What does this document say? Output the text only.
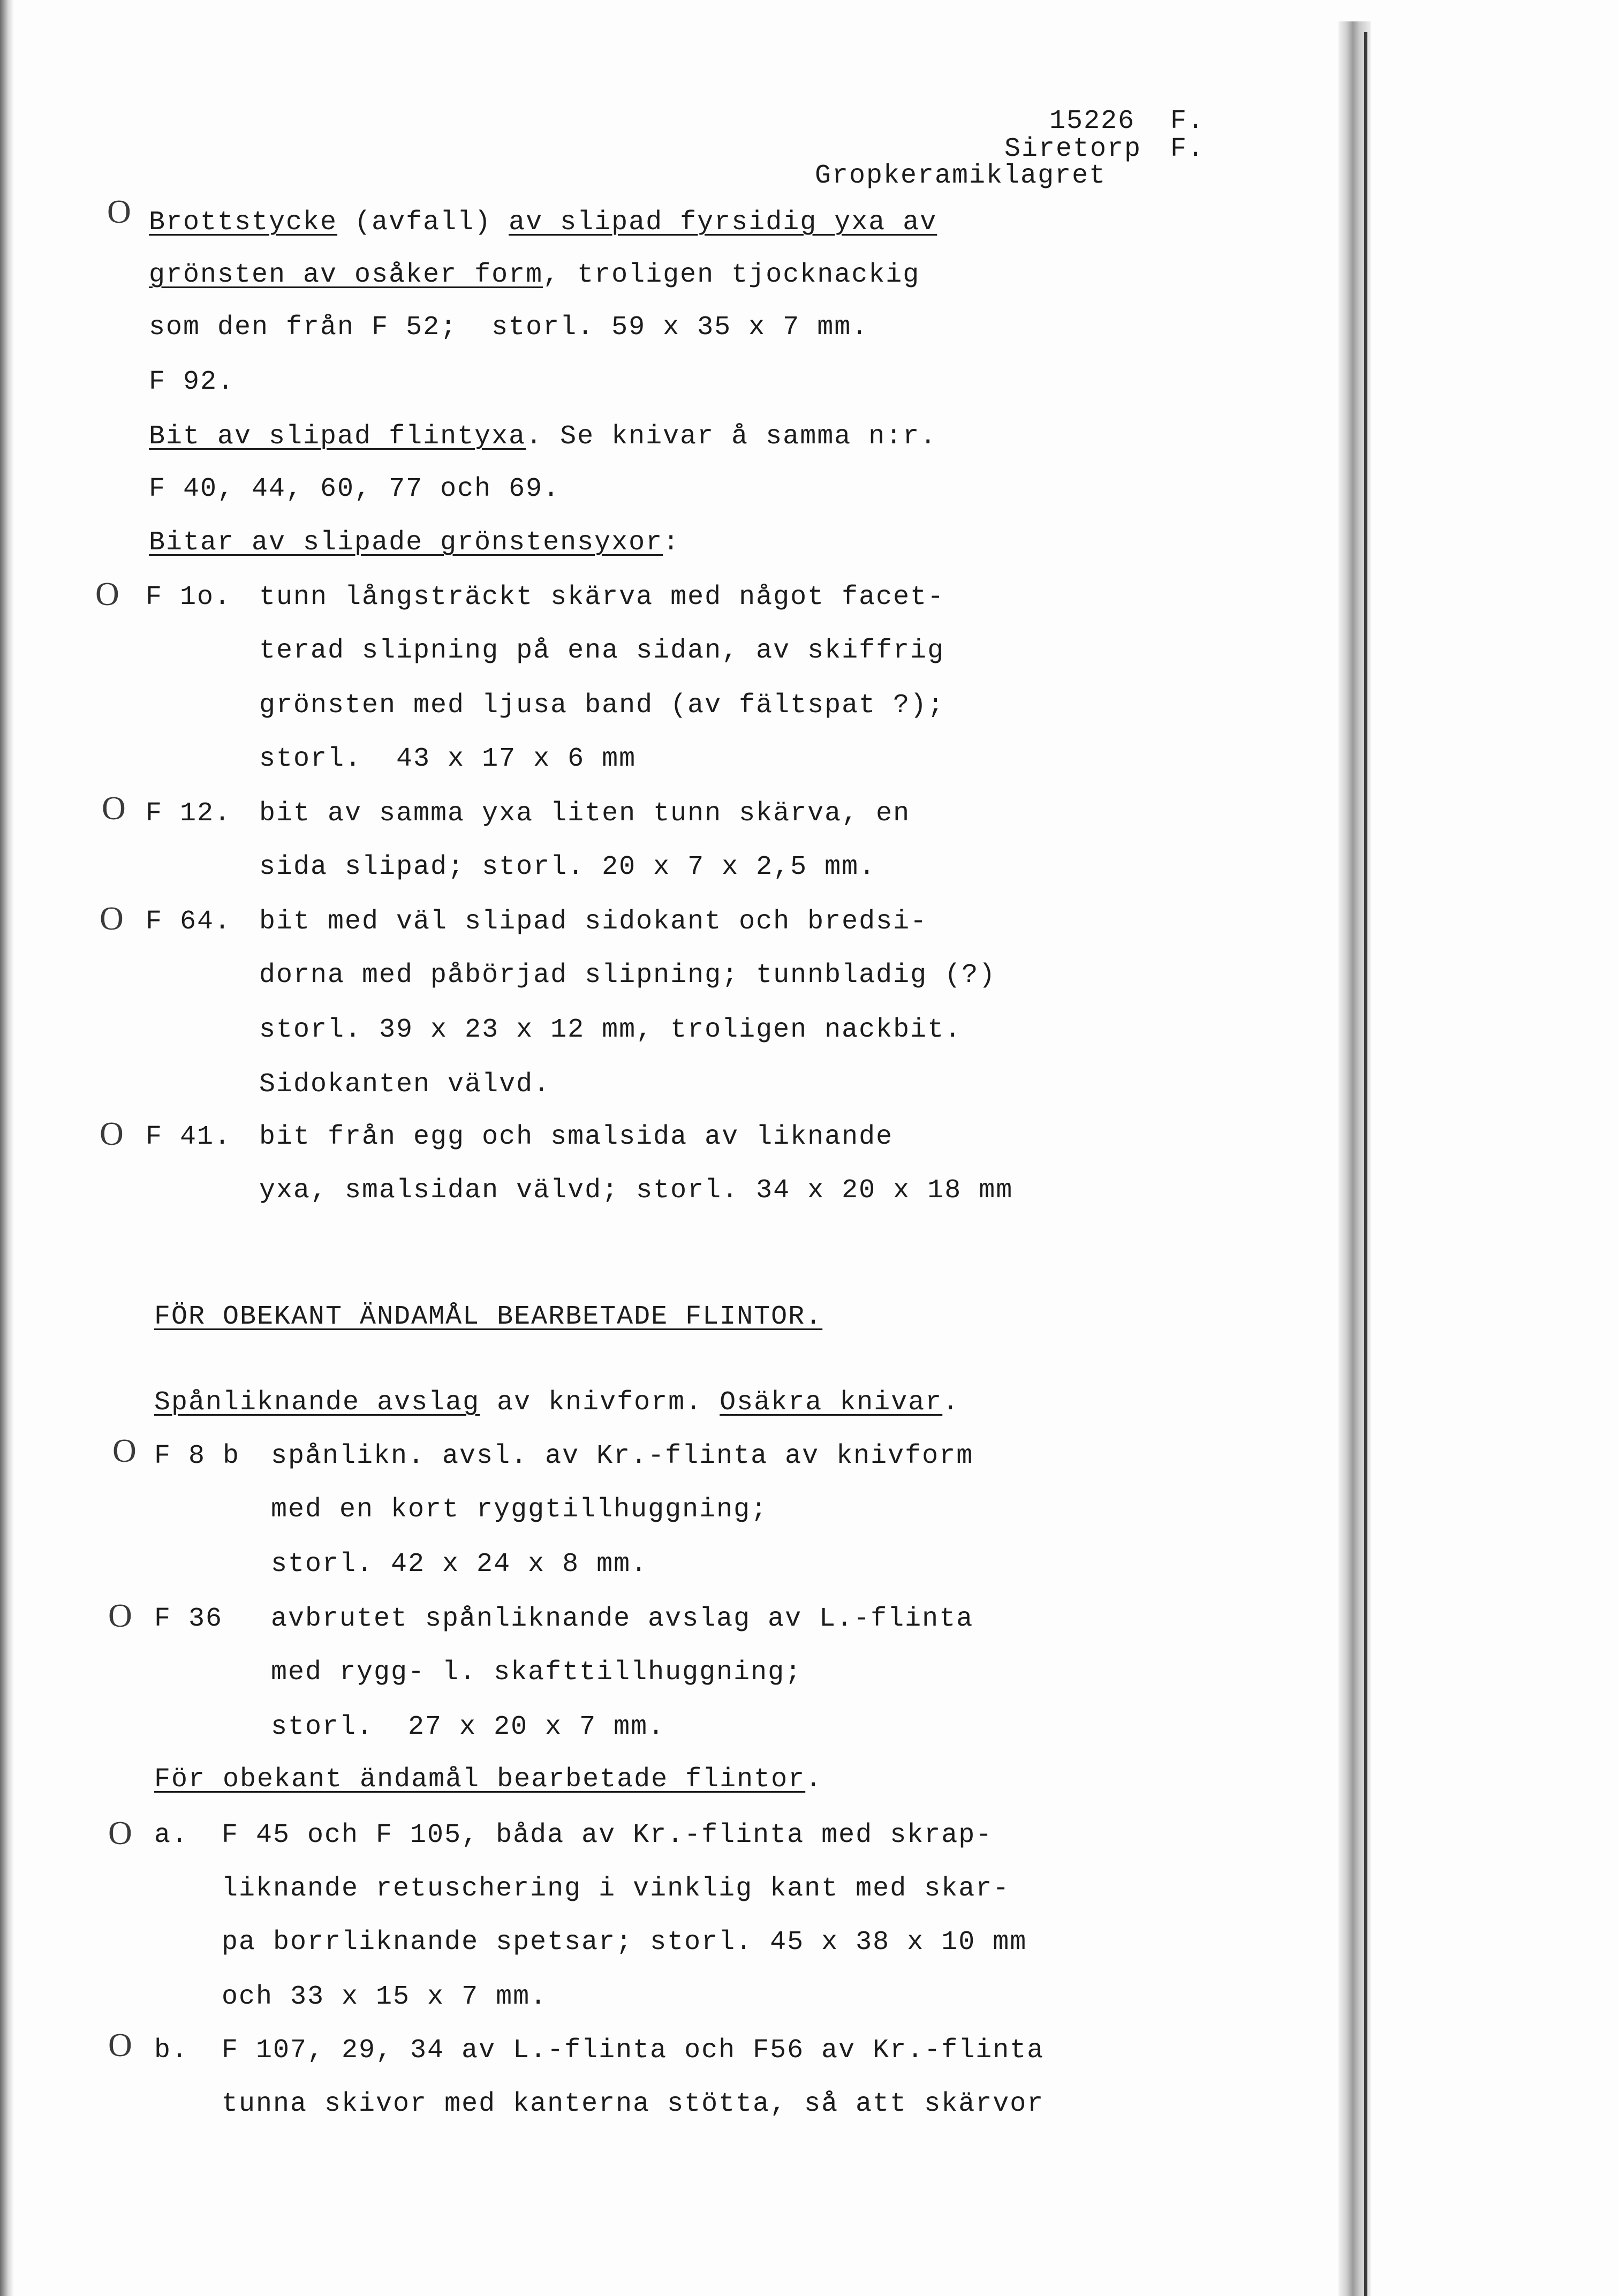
15226 F.
Siretorp F.
Gropkeramiklagret
O
O
O
O
O
O
O
O
O
Brottstycke (avfall) av slipad fyrsidig yxa av
grönsten av osåker form, troligen tjocknackig
som den från F 52;  storl. 59 x 35 x 7 mm.
F 92.
Bit av slipad flintyxa. Se knivar å samma n:r.
F 40, 44, 60, 77 och 69.
Bitar av slipade grönstensyxor:
F 1o. tunn långsträckt skärva med något facet-
terad slipning på ena sidan, av skiffrig
grönsten med ljusa band (av fältspat ?);
storl.  43 x 17 x 6 mm
F 12. bit av samma yxa liten tunn skärva, en
sida slipad; storl. 20 x 7 x 2,5 mm.
F 64. bit med väl slipad sidokant och bredsi-
dorna med påbörjad slipning; tunnbladig (?)
storl. 39 x 23 x 12 mm, troligen nackbit.
Sidokanten välvd.
F 41. bit från egg och smalsida av liknande
yxa, smalsidan välvd; storl. 34 x 20 x 18 mm
FÖR OBEKANT ÄNDAMÅL BEARBETADE FLINTOR.
Spånliknande avslag av knivform. Osäkra knivar.
F 8 b spånlikn. avsl. av Kr.-flinta av knivform
med en kort ryggtillhuggning;
storl. 42 x 24 x 8 mm.
F 36 avbrutet spånliknande avslag av L.-flinta
med rygg- l. skafttillhuggning;
storl.  27 x 20 x 7 mm.
För obekant ändamål bearbetade flintor.
a. F 45 och F 105, båda av Kr.-flinta med skrap-
liknande retuschering i vinklig kant med skar-
pa borrliknande spetsar; storl. 45 x 38 x 10 mm
och 33 x 15 x 7 mm.
b. F 107, 29, 34 av L.-flinta och F56 av Kr.-flinta
tunna skivor med kanterna stötta, så att skärvor
